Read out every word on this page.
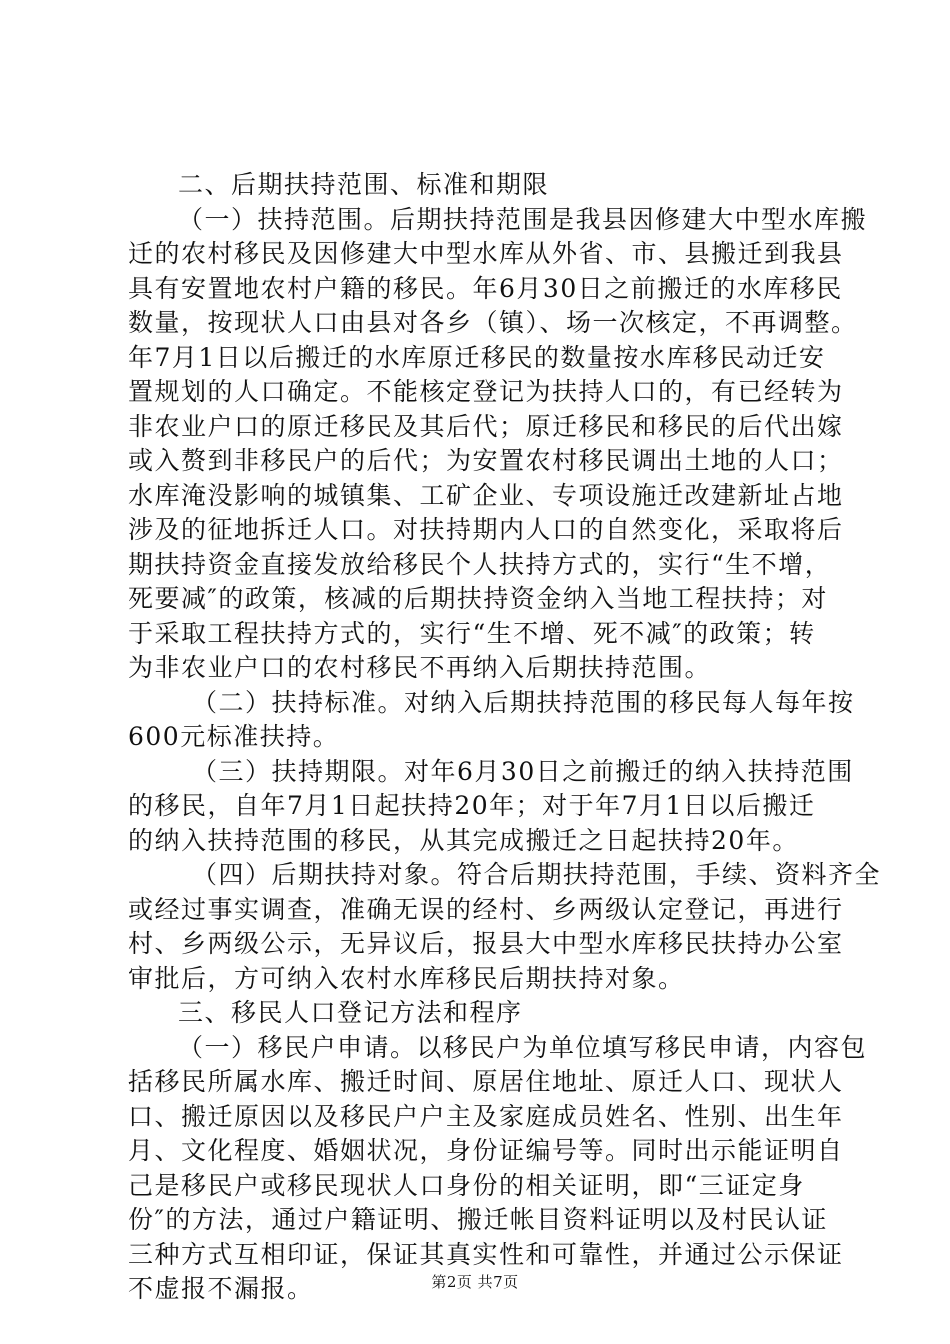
二、后期扶持范围、标准和期限
（一）扶持范围。后期扶持范围是我县因修建大中型水库搬
迁的农村移民及因修建大中型水库从外省、市、县搬迁到我县
具有安置地农村户籍的移民。年6月30日之前搬迁的水库移民
数量，按现状人口由县对各乡（镇）、场一次核定，不再调整。
年7月1日以后搬迁的水库原迁移民的数量按水库移民动迁安
置规划的人口确定。不能核定登记为扶持人口的，有已经转为
非农业户口的原迁移民及其后代；原迁移民和移民的后代出嫁
或入赘到非移民户的后代；为安置农村移民调出土地的人口；
水库淹没影响的城镇集、工矿企业、专项设施迁改建新址占地
涉及的征地拆迁人口。对扶持期内人口的自然变化，采取将后
期扶持资金直接发放给移民个人扶持方式的，实行“生不增，
死要减″的政策，核减的后期扶持资金纳入当地工程扶持；对
于采取工程扶持方式的，实行“生不增、死不减″的政策；转
为非农业户口的农村移民不再纳入后期扶持范围。
（二）扶持标准。对纳入后期扶持范围的移民每人每年按
600元标准扶持。
（三）扶持期限。对年6月30日之前搬迁的纳入扶持范围
的移民，自年7月1日起扶持20年；对于年7月1日以后搬迁
的纳入扶持范围的移民，从其完成搬迁之日起扶持20年。
（四）后期扶持对象。符合后期扶持范围，手续、资料齐全
或经过事实调查，准确无误的经村、乡两级认定登记，再进行
村、乡两级公示，无异议后，报县大中型水库移民扶持办公室
审批后，方可纳入农村水库移民后期扶持对象。
三、移民人口登记方法和程序
（一）移民户申请。以移民户为单位填写移民申请，内容包
括移民所属水库、搬迁时间、原居住地址、原迁人口、现状人
口、搬迁原因以及移民户户主及家庭成员姓名、性别、出生年
月、文化程度、婚姻状况，身份证编号等。同时出示能证明自
己是移民户或移民现状人口身份的相关证明，即“三证定身
份″的方法，通过户籍证明、搬迁帐目资料证明以及村民认证
三种方式互相印证，保证其真实性和可靠性，并通过公示保证
不虚报不漏报。	第2页 共7页
